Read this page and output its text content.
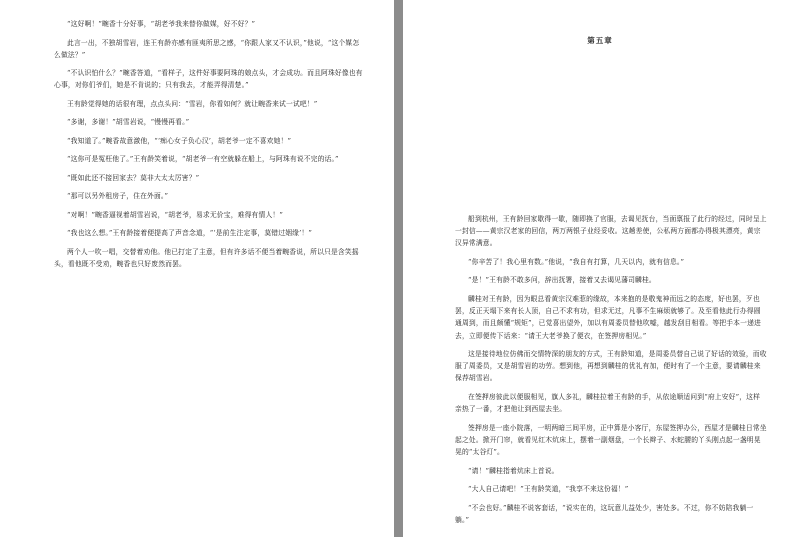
“这好啊！”畹香十分好事，“胡老爷我来替你做媒，好不好？”

此言一出，不独胡雪岩，连王有龄亦感有匪夷所思之感，“你跟人家又不认识，”他说，“这个媒怎么做法？”

“不认识怕什么？”畹香答道，“看样子，这件好事要阿珠的娘点头，才会成功。而且阿珠好像也有心事，对你们爷们，她是不肯说的；只有我去，才能弄得清楚。”

王有龄觉得她的话很有理，点点头问：“雪岩，你看如何？就让畹香来试一试吧！”

“多谢，多谢！”胡雪岩说，“慢慢再看。”

“我知道了。”畹香故意激他，“‘痴心女子负心汉’，胡老爷一定不喜欢她！”

“这你可是冤枉他了。”王有龄笑着说，“胡老爷一有空就躲在船上，与阿珠有说不完的话。”

“既如此还不接回家去？莫非大太太厉害？”

“那可以另外租房子，住在外面。”

“对啊！”畹香逼视着胡雪岩说，“胡老爷，易求无价宝，难得有情人！”

“我也这么想。”王有龄接着便提高了声音念道，“‘是前生注定事，莫错过姻缘’！”

两个人一吹一唱，交替着劝他。他已打定了主意，但有许多话不便当着畹香说，所以只是含笑摇头，看他既不受劝，畹香也只好废然而罢。

第五章

船到杭州，王有龄回家歇得一歇，随即换了官服，去谒见抚台，当面禀报了此行的经过，同时呈上一封信——黄宗汉老家的回信，两万两银子业经妥收。这趟差使，公私两方面都办得极其漂亮，黄宗汉异常满意。

“你辛苦了！我心里有数。”他说，“我自有打算，几天以内，就有信息。”

“是！”王有龄不敢多问，辞出抚署，接着又去谒见藩司麟桂。

麟桂对王有龄，因为眼总看黄宗汉难惹的缘故，本来抱的是敬鬼神而远之的态度，好也罢，歹也罢，反正天塌下来有长人顶，自己不求有功，但求无过，凡事不生麻烦就够了。及至看他此行办得圆通周到，而且颇懂“规矩”，已觉喜出望外，加以有周委员替他吹嘘，越发刮目相看。等把手本一递进去，立即便传下话来：“请王大老爷换了便衣，在签押房相见。”

这是接待地位仿佛而交情特深的朋友的方式，王有龄知道，是周委员替自己说了好话的效验，而收服了周委员，又是胡雪岩的功劳。想到他，再想到麟桂的优礼有加，便时有了一个主意，要请麟桂来保荐胡雪岩。

在签押房彼此以便服相见，旗人多礼，麟桂拉着王有龄的手，从依途顺适问到“府上安好”，这样亲热了一番，才把他让到西屋去坐。

签押房是一座小院落，一明两暗三间平房，正中算是小客厅，东屋签押办公，西屋才是麟桂日常坐起之处。掀开门帘，就看见红木炕床上，摆着一副烟盘，一个长辫子、水蛇腰的丫头刚点起一盏明晃晃的“太谷灯”。

“请！”麟桂指着炕床上首说。

“大人自己请吧！”王有龄笑道，“我享不来这份福！”

“不会也好。”麟桂不说客套话，“说实在的，这玩意儿益处少，害处多。不过，你不妨陪我躺一躺。”
